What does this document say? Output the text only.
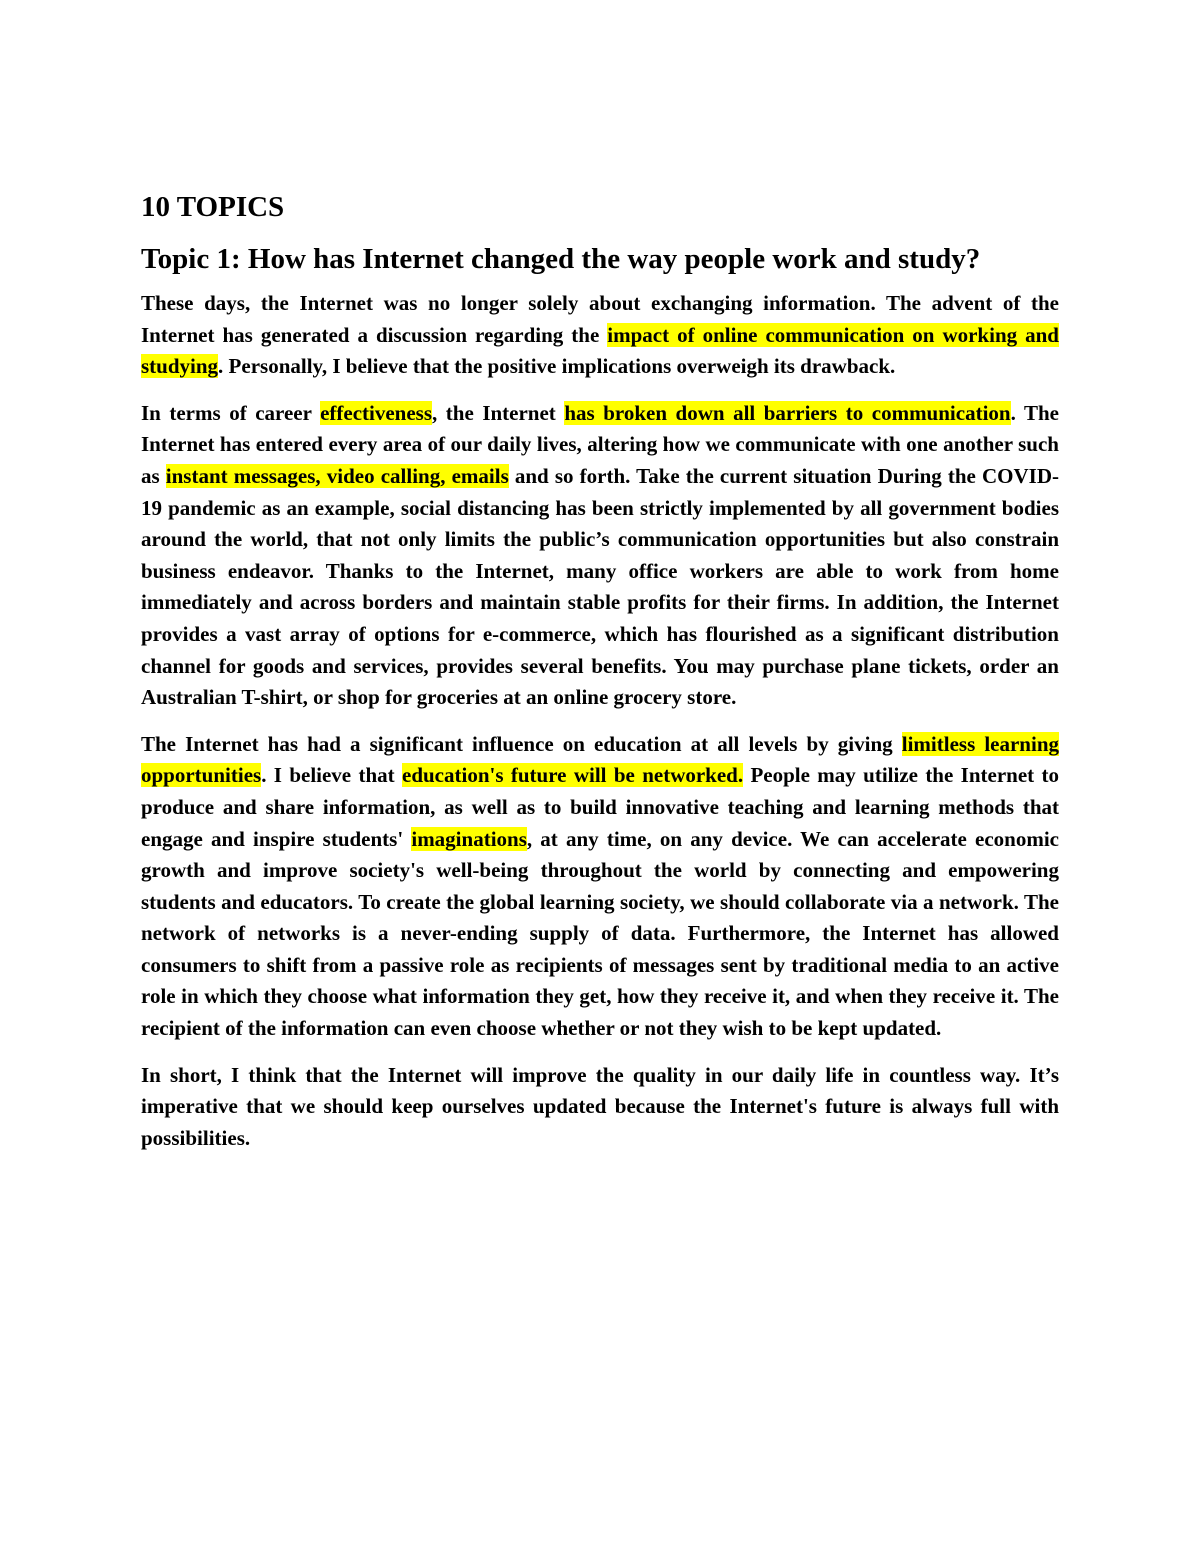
10 TOPICS
Topic 1: How has Internet changed the way people work and study?

These days, the Internet was no longer solely about exchanging information. The advent of the Internet has generated a discussion regarding the impact of online communication on working and studying. Personally, I believe that the positive implications overweigh its drawback.

In terms of career effectiveness, the Internet has broken down all barriers to communication. The Internet has entered every area of our daily lives, altering how we communicate with one another such as instant messages, video calling, emails and so forth. Take the current situation During the COVID-19 pandemic as an example, social distancing has been strictly implemented by all government bodies around the world, that not only limits the public’s communication opportunities but also constrain business endeavor. Thanks to the Internet, many office workers are able to work from home immediately and across borders and maintain stable profits for their firms. In addition, the Internet provides a vast array of options for e-commerce, which has flourished as a significant distribution channel for goods and services, provides several benefits. You may purchase plane tickets, order an Australian T-shirt, or shop for groceries at an online grocery store.

The Internet has had a significant influence on education at all levels by giving limitless learning opportunities. I believe that education's future will be networked. People may utilize the Internet to produce and share information, as well as to build innovative teaching and learning methods that engage and inspire students' imaginations, at any time, on any device. We can accelerate economic growth and improve society's well-being throughout the world by connecting and empowering students and educators. To create the global learning society, we should collaborate via a network. The network of networks is a never-ending supply of data. Furthermore, the Internet has allowed consumers to shift from a passive role as recipients of messages sent by traditional media to an active role in which they choose what information they get, how they receive it, and when they receive it. The recipient of the information can even choose whether or not they wish to be kept updated.

In short, I think that the Internet will improve the quality in our daily life in countless way. It’s imperative that we should keep ourselves updated because the Internet's future is always full with possibilities.
